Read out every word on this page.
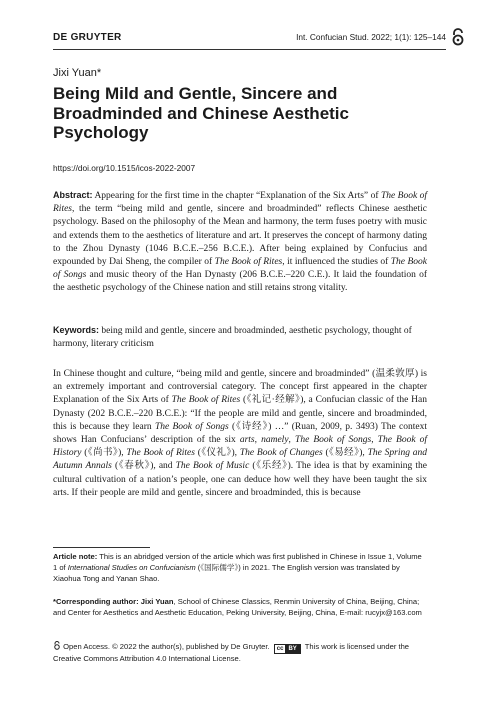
DE GRUYTER	Int. Confucian Stud. 2022; 1(1): 125–144
Jixi Yuan*
Being Mild and Gentle, Sincere and Broadminded and Chinese Aesthetic Psychology
https://doi.org/10.1515/icos-2022-2007

Abstract: Appearing for the first time in the chapter “Explanation of the Six Arts” of The Book of Rites, the term “being mild and gentle, sincere and broadminded” reflects Chinese aesthetic psychology. Based on the philosophy of the Mean and harmony, the term fuses poetry with music and extends them to the aesthetics of literature and art. It preserves the concept of harmony dating to the Zhou Dynasty (1046 B.C.E.–256 B.C.E.). After being explained by Confucius and expounded by Dai Sheng, the compiler of The Book of Rites, it influenced the studies of The Book of Songs and music theory of the Han Dynasty (206 B.C.E.–220 C.E.). It laid the foundation of the aesthetic psychology of the Chinese nation and still retains strong vitality.

Keywords: being mild and gentle, sincere and broadminded, aesthetic psychology, thought of harmony, literary criticism

In Chinese thought and culture, “being mild and gentle, sincere and broadminded” (温柔敦厚) is an extremely important and controversial category. The concept first appeared in the chapter Explanation of the Six Arts of The Book of Rites (《礼记·经解》), a Confucian classic of the Han Dynasty (202 B.C.E.–220 B.C.E.): “If the people are mild and gentle, sincere and broadminded, this is because they learn The Book of Songs (《诗经》) …” (Ruan, 2009, p. 3493) The context shows Han Confucians’ description of the six arts, namely, The Book of Songs, The Book of History (《尚书》), The Book of Rites (《仪礼》), The Book of Changes (《易经》), The Spring and Autumn Annals (《春秋》), and The Book of Music (《乐经》). The idea is that by examining the cultural cultivation of a nation’s people, one can deduce how well they have been taught the six arts. If their people are mild and gentle, sincere and broadminded, this is because

Article note: This is an abridged version of the article which was first published in Chinese in Issue 1, Volume 1 of International Studies on Confucianism (《国际儒学》) in 2021. The English version was translated by Xiaohua Tong and Yanan Shao.

*Corresponding author: Jixi Yuan, School of Chinese Classics, Renmin University of China, Beijing, China; and Center for Aesthetics and Aesthetic Education, Peking University, Beijing, China, E-mail: rucyjx@163.com

Open Access. © 2022 the author(s), published by De Gruyter.	cc BY	This work is licensed under the Creative Commons Attribution 4.0 International License.
